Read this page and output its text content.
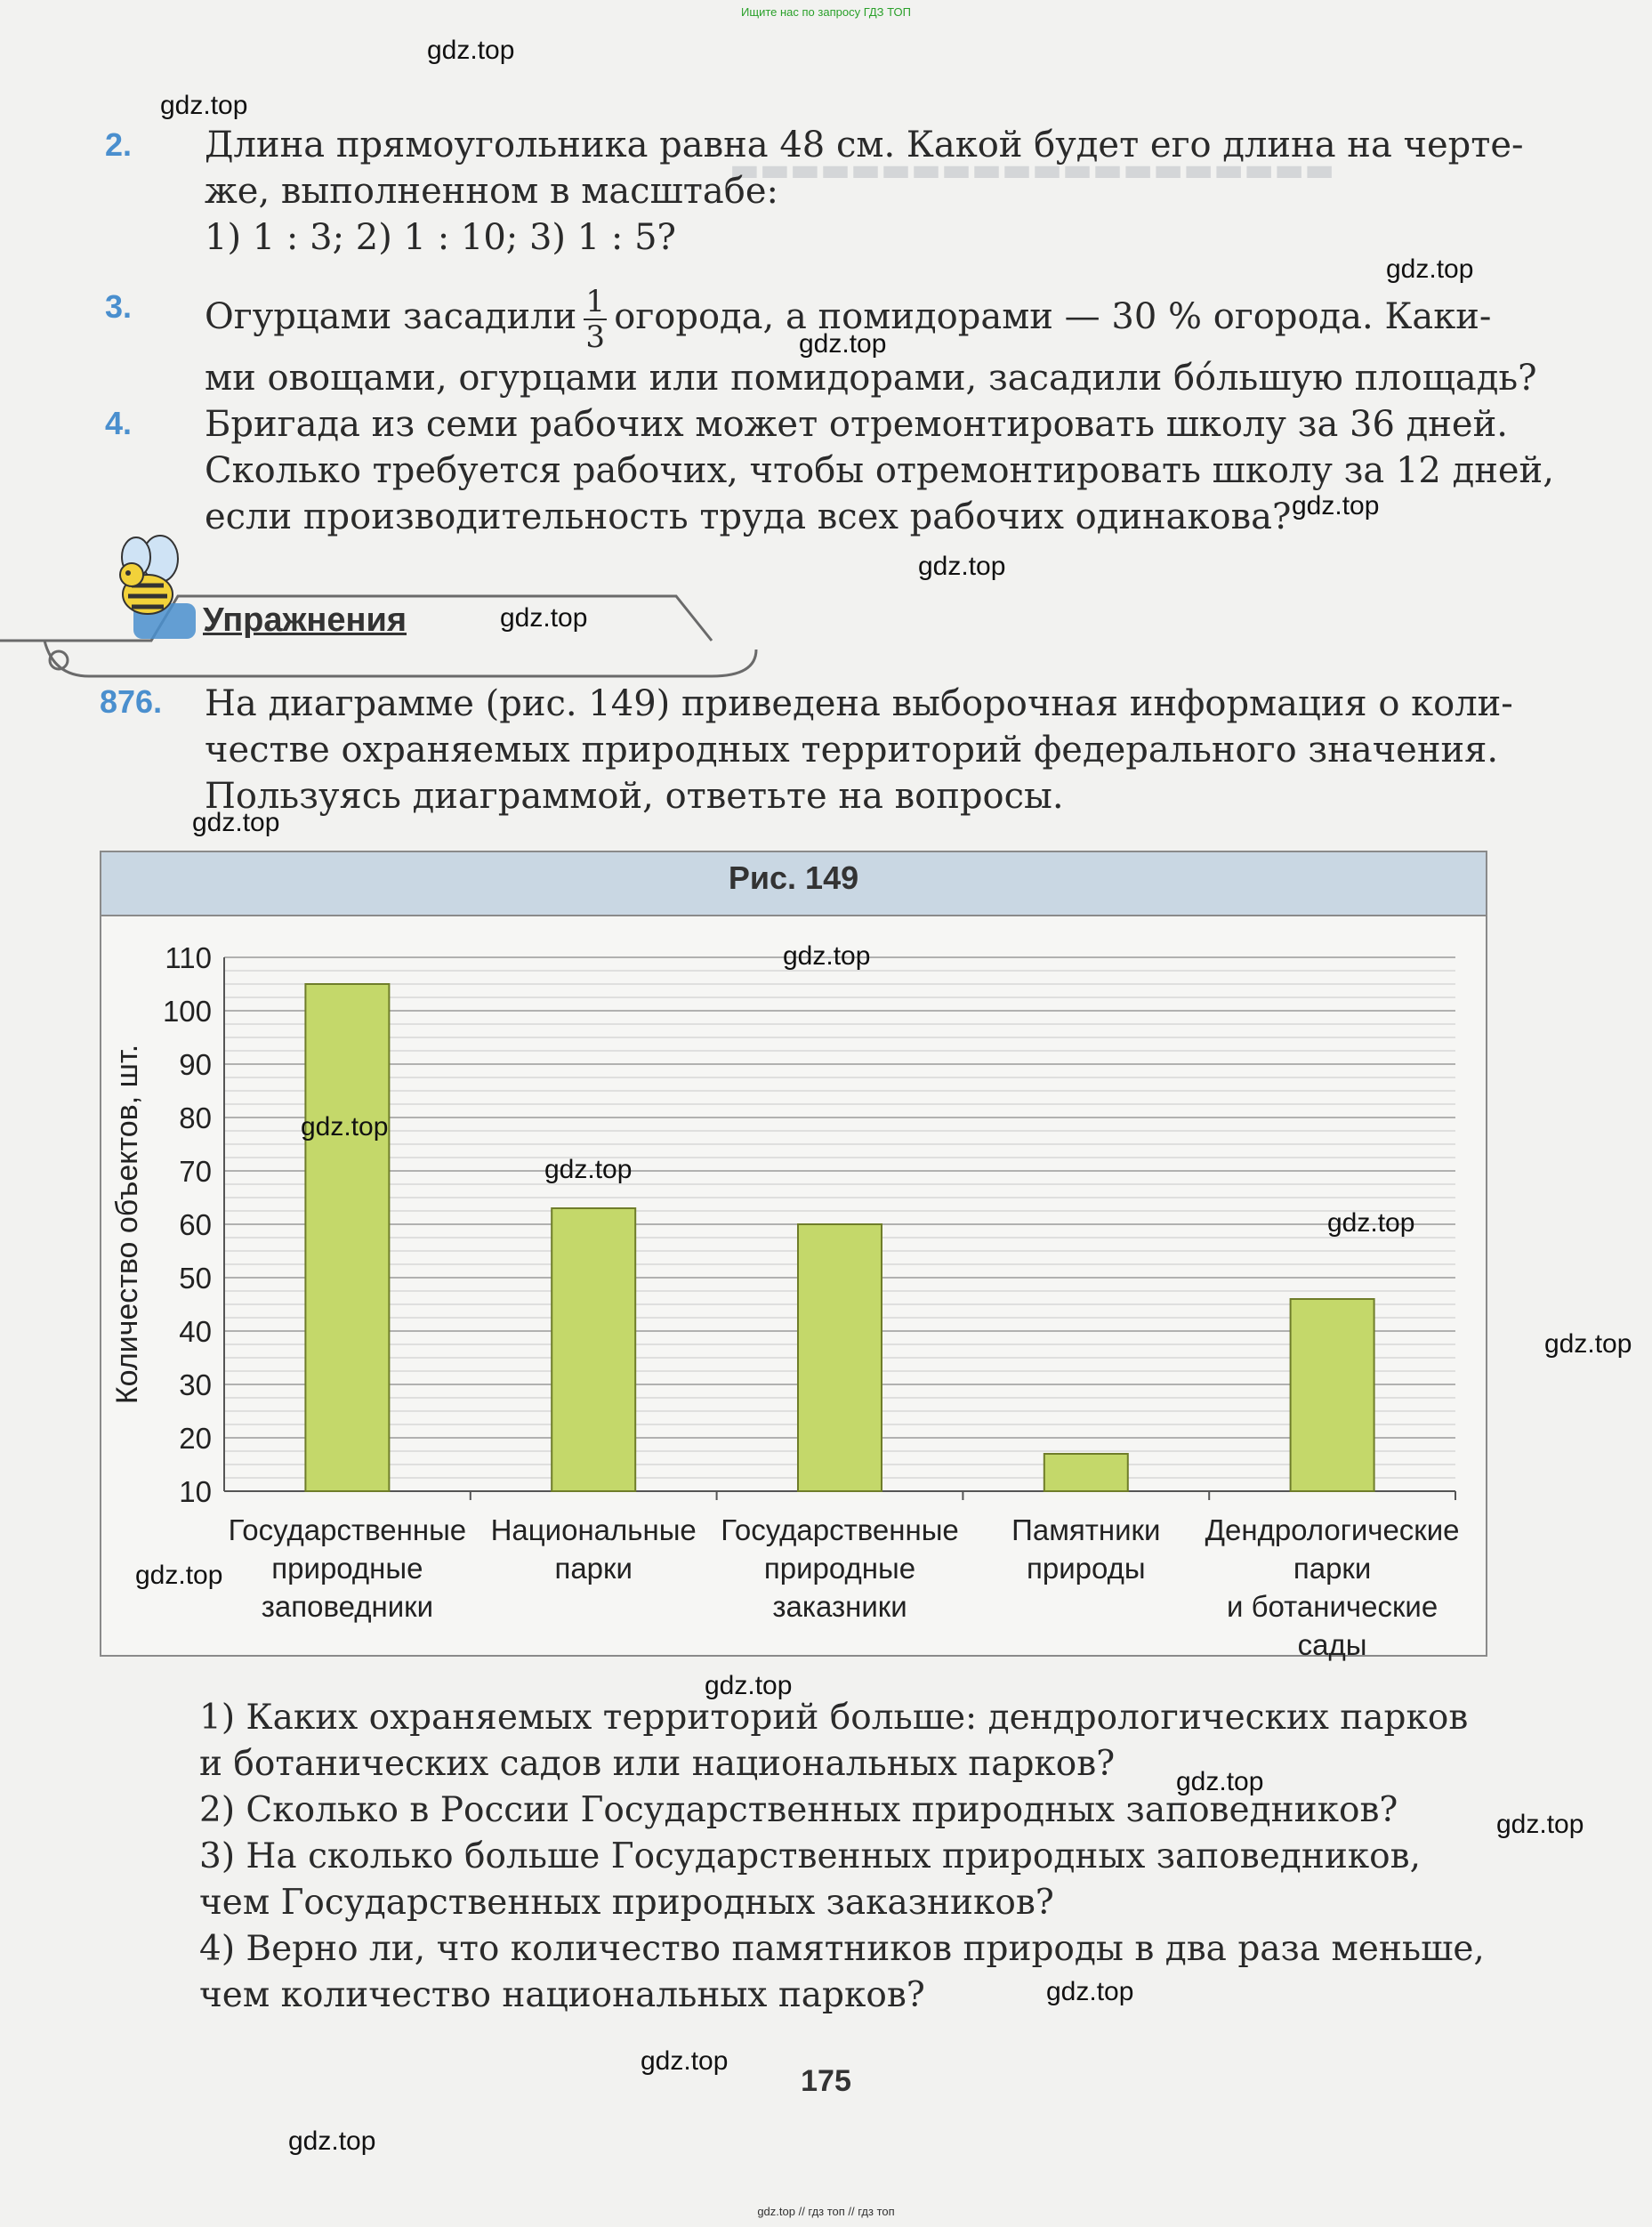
Ищите нас по запросу ГДЗ ТОП
▬▬▬▬▬▬▬▬▬▬▬▬▬▬▬▬▬▬▬▬
2. Длина прямоугольника равна 48 см. Какой будет его длина на черте-
же, выполненном в масштабе:
1) 1 : 3; 2) 1 : 10; 3) 1 : 5?
3. Огурцами засадили $\frac{1}{3}$ огорода, а помидорами — 30 % огорода. Каки-
ми овощами, огурцами или помидорами, засадили бо́льшую площадь?
4. Бригада из семи рабочих может отремонтировать школу за 36 дней.
Сколько требуется рабочих, чтобы отремонтировать школу за 12 дней,
если производительность труда всех рабочих одинакова?
Упражнения
876. На диаграмме (рис. 149) приведена выборочная информация о коли-
честве охраняемых природных территорий федерального значения.
Пользуясь диаграммой, ответьте на вопросы.
Рис. 149
10
20
30
40
50
60
70
80
90
100
110
Количество объектов, шт.
Государственные
природные
заповедники
Национальные
парки
Государственные
природные
заказники
Памятники
природы
Дендрологические
парки
и ботанические сады
1) Каких охраняемых территорий больше: дендрологических парков
и ботанических садов или национальных парков?
2) Сколько в России Государственных природных заповедников?
3) На сколько больше Государственных природных заповедников,
чем Государственных природных заказников?
4) Верно ли, что количество памятников природы в два раза меньше,
чем количество национальных парков?
175
gdz.top
gdz.top
gdz.top
gdz.top
gdz.top
gdz.top
gdz.top
gdz.top
gdz.top
gdz.top
gdz.top
gdz.top
gdz.top
gdz.top
gdz.top
gdz.top
gdz.top
gdz.top
gdz.top
gdz.top
gdz.top // гдз топ // гдз топ
